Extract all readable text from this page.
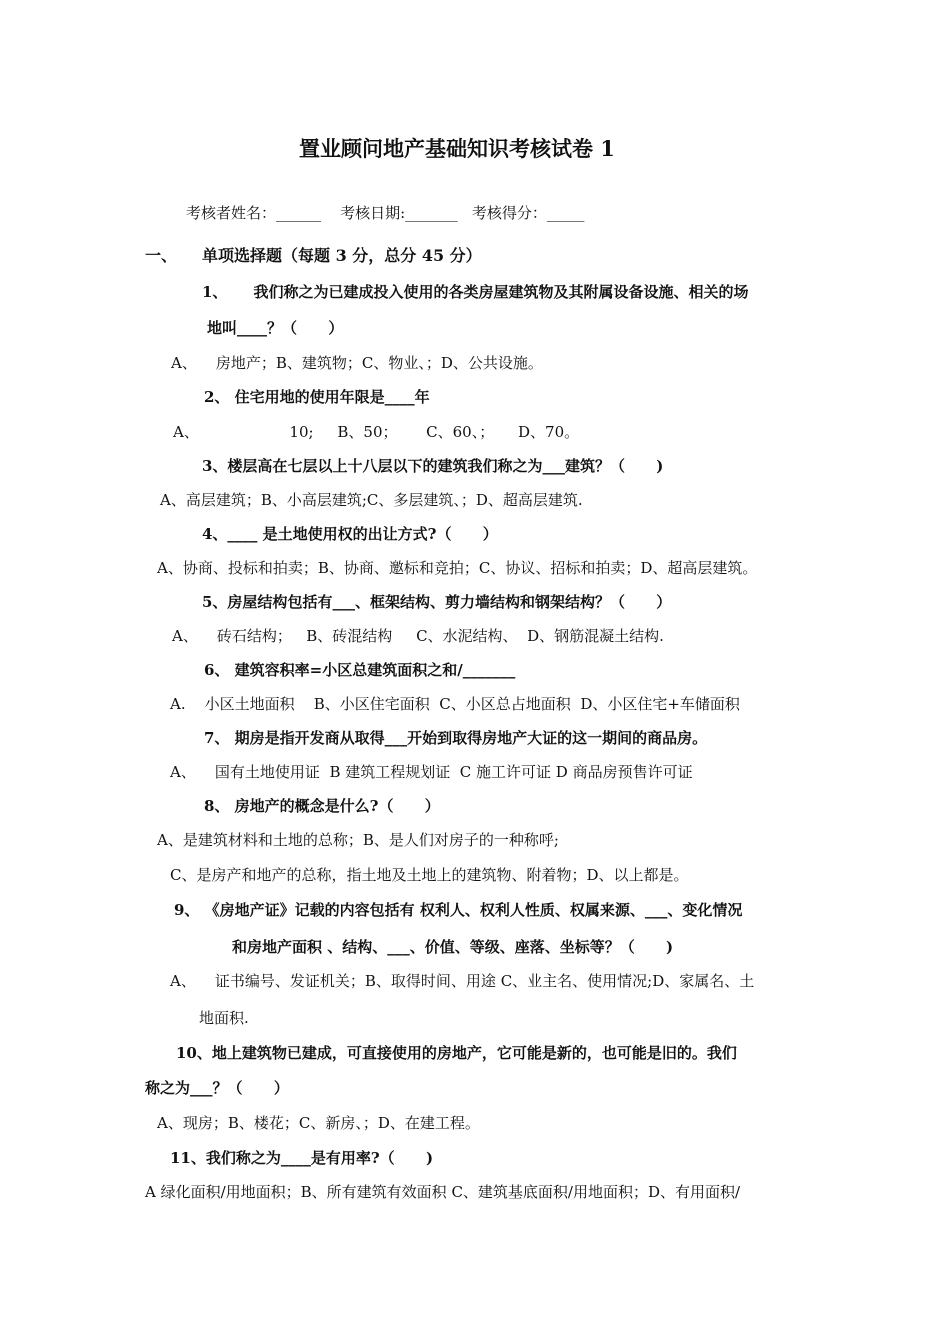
置业顾问地产基础知识考核试卷 1
考核者姓名：______    考核日期:_______   考核得分：_____
一、 单项选择题（每题 3 分，总分 45 分）
1、     我们称之为已建成投入使用的各类房屋建筑物及其附属设备设施、相关的场
地叫____？（      ）
A、    房地产；B、建筑物；C、物业、；D、公共设施。
2、 住宅用地的使用年限是____年
A、                   10;     B、50；      C、60、；     D、70。
3、楼层高在七层以上十八层以下的建筑我们称之为___建筑？（      )
A、高层建筑；B、小高层建筑;C、多层建筑、；D、超高层建筑.
4、____ 是土地使用权的出让方式?（      ）
A、协商、投标和拍卖；B、协商、邀标和竞拍；C、协议、招标和拍卖；D、超高层建筑。
5、房屋结构包括有___、框架结构、剪力墙结构和钢架结构？（      ）
A、    砖石结构；   B、砖混结构     C、水泥结构、  D、钢筋混凝土结构.
6、 建筑容积率=小区总建筑面积之和/_______
A.    小区土地面积    B、小区住宅面积  C、小区总占地面积  D、小区住宅+车储面积
7、 期房是指开发商从取得___开始到取得房地产大证的这一期间的商品房。
A、    国有土地使用证  B 建筑工程规划证  C 施工许可证 D 商品房预售许可证
8、 房地产的概念是什么?（      ）
A、是建筑材料和土地的总称；B、是人们对房子的一种称呼;
C、是房产和地产的总称，指土地及土地上的建筑物、附着物；D、以上都是。
9、 《房地产证》记载的内容包括有 权利人、权利人性质、权属来源、___、变化情况
和房地产面积 、结构、___、价值、等级、座落、坐标等？（      )
A、    证书编号、发证机关；B、取得时间、用途 C、业主名、使用情况;D、家属名、土
地面积.
10、地上建筑物已建成，可直接使用的房地产，它可能是新的，也可能是旧的。我们
称之为___？（      ）
A、现房；B、楼花；C、新房、；D、在建工程。
11、我们称之为____是有用率?（      )
A 绿化面积/用地面积；B、所有建筑有效面积 C、建筑基底面积/用地面积；D、有用面积/
